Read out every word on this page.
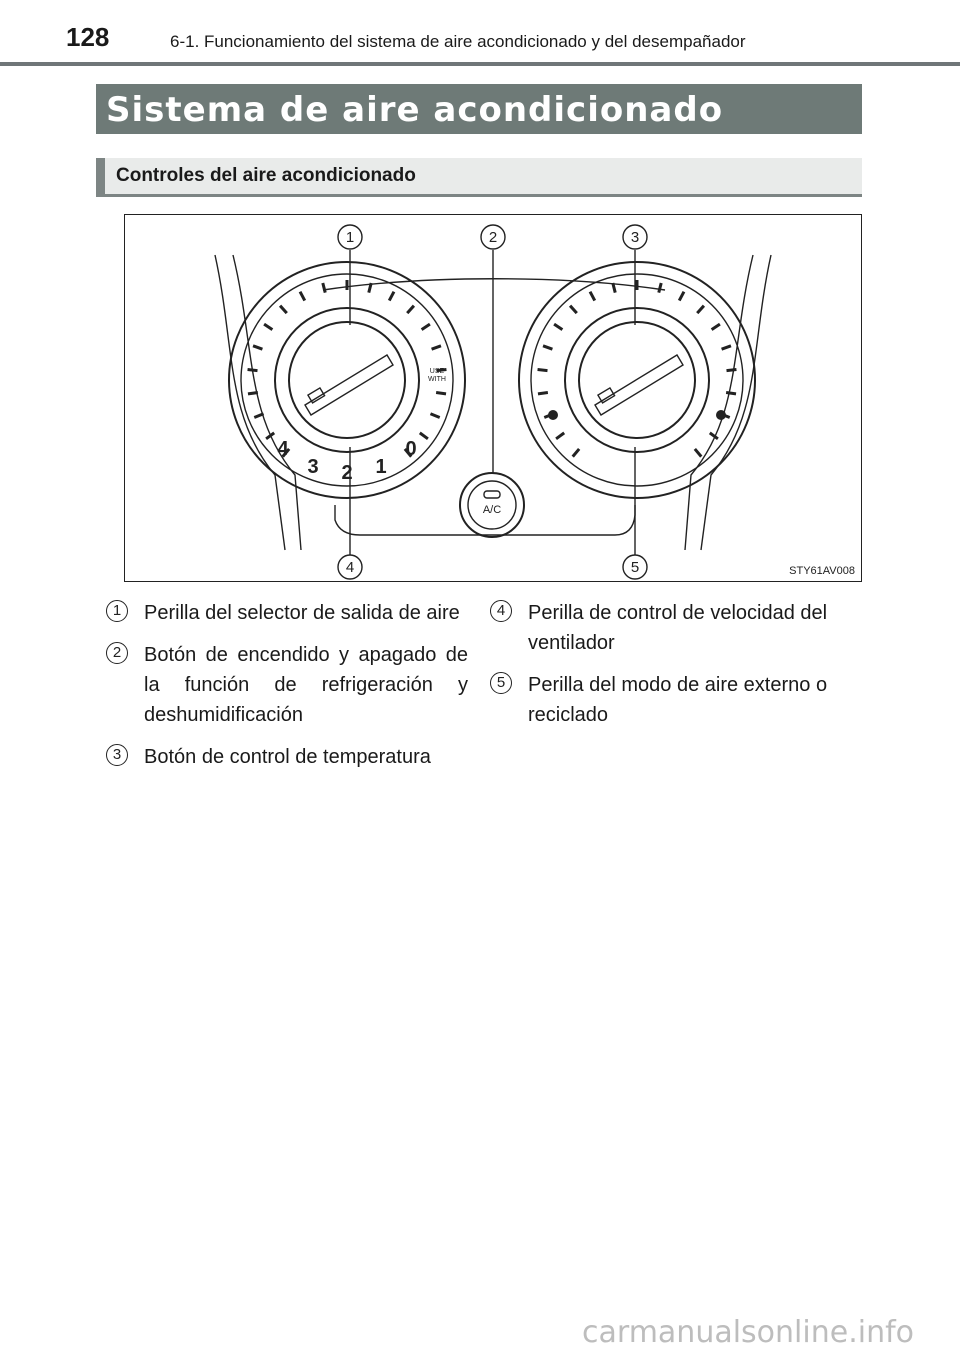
128	6-1. Funcionamiento del sistema de aire acondicionado y del desempañador
Sistema de aire acondicionado
Controles del aire acondicionado
1	2	3
4	5
4
3 2 1
0
USE
WITH
A/C
STY61AV008
1	Perilla del selector de salida de aire
2	Botón de encendido y apagado de la función de refrigeración y deshumidificación
3	Botón de control de temperatura
4	Perilla de control de velocidad del ventilador
5	Perilla del modo de aire externo o reciclado
carmanualsonline.info
